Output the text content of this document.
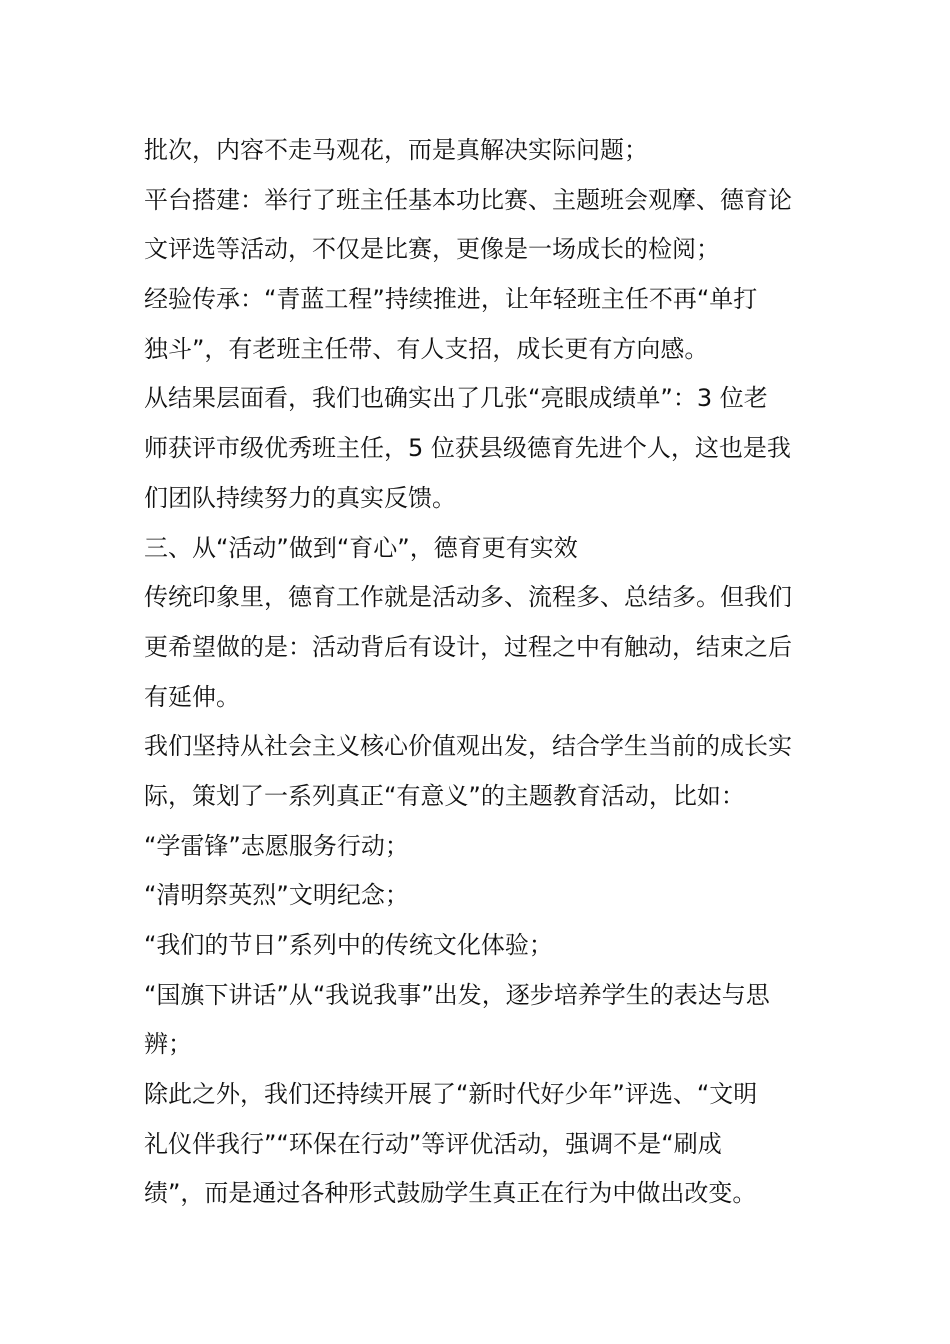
批次，内容不走马观花，而是真解决实际问题；
平台搭建：举行了班主任基本功比赛、主题班会观摩、德育论
文评选等活动，不仅是比赛，更像是一场成长的检阅；
经验传承：“青蓝工程”持续推进，让年轻班主任不再“单打
独斗”，有老班主任带、有人支招，成长更有方向感。
从结果层面看，我们也确实出了几张“亮眼成绩单”：3 位老
师获评市级优秀班主任，5 位获县级德育先进个人，这也是我
们团队持续努力的真实反馈。
三、从“活动”做到“育心”，德育更有实效
传统印象里，德育工作就是活动多、流程多、总结多。但我们
更希望做的是：活动背后有设计，过程之中有触动，结束之后
有延伸。
我们坚持从社会主义核心价值观出发，结合学生当前的成长实
际，策划了一系列真正“有意义”的主题教育活动，比如：
“学雷锋”志愿服务行动；
“清明祭英烈”文明纪念；
“我们的节日”系列中的传统文化体验；
“国旗下讲话”从“我说我事”出发，逐步培养学生的表达与思
辨；
除此之外，我们还持续开展了“新时代好少年”评选、“文明
礼仪伴我行”“环保在行动”等评优活动，强调不是“刷成
绩”，而是通过各种形式鼓励学生真正在行为中做出改变。
